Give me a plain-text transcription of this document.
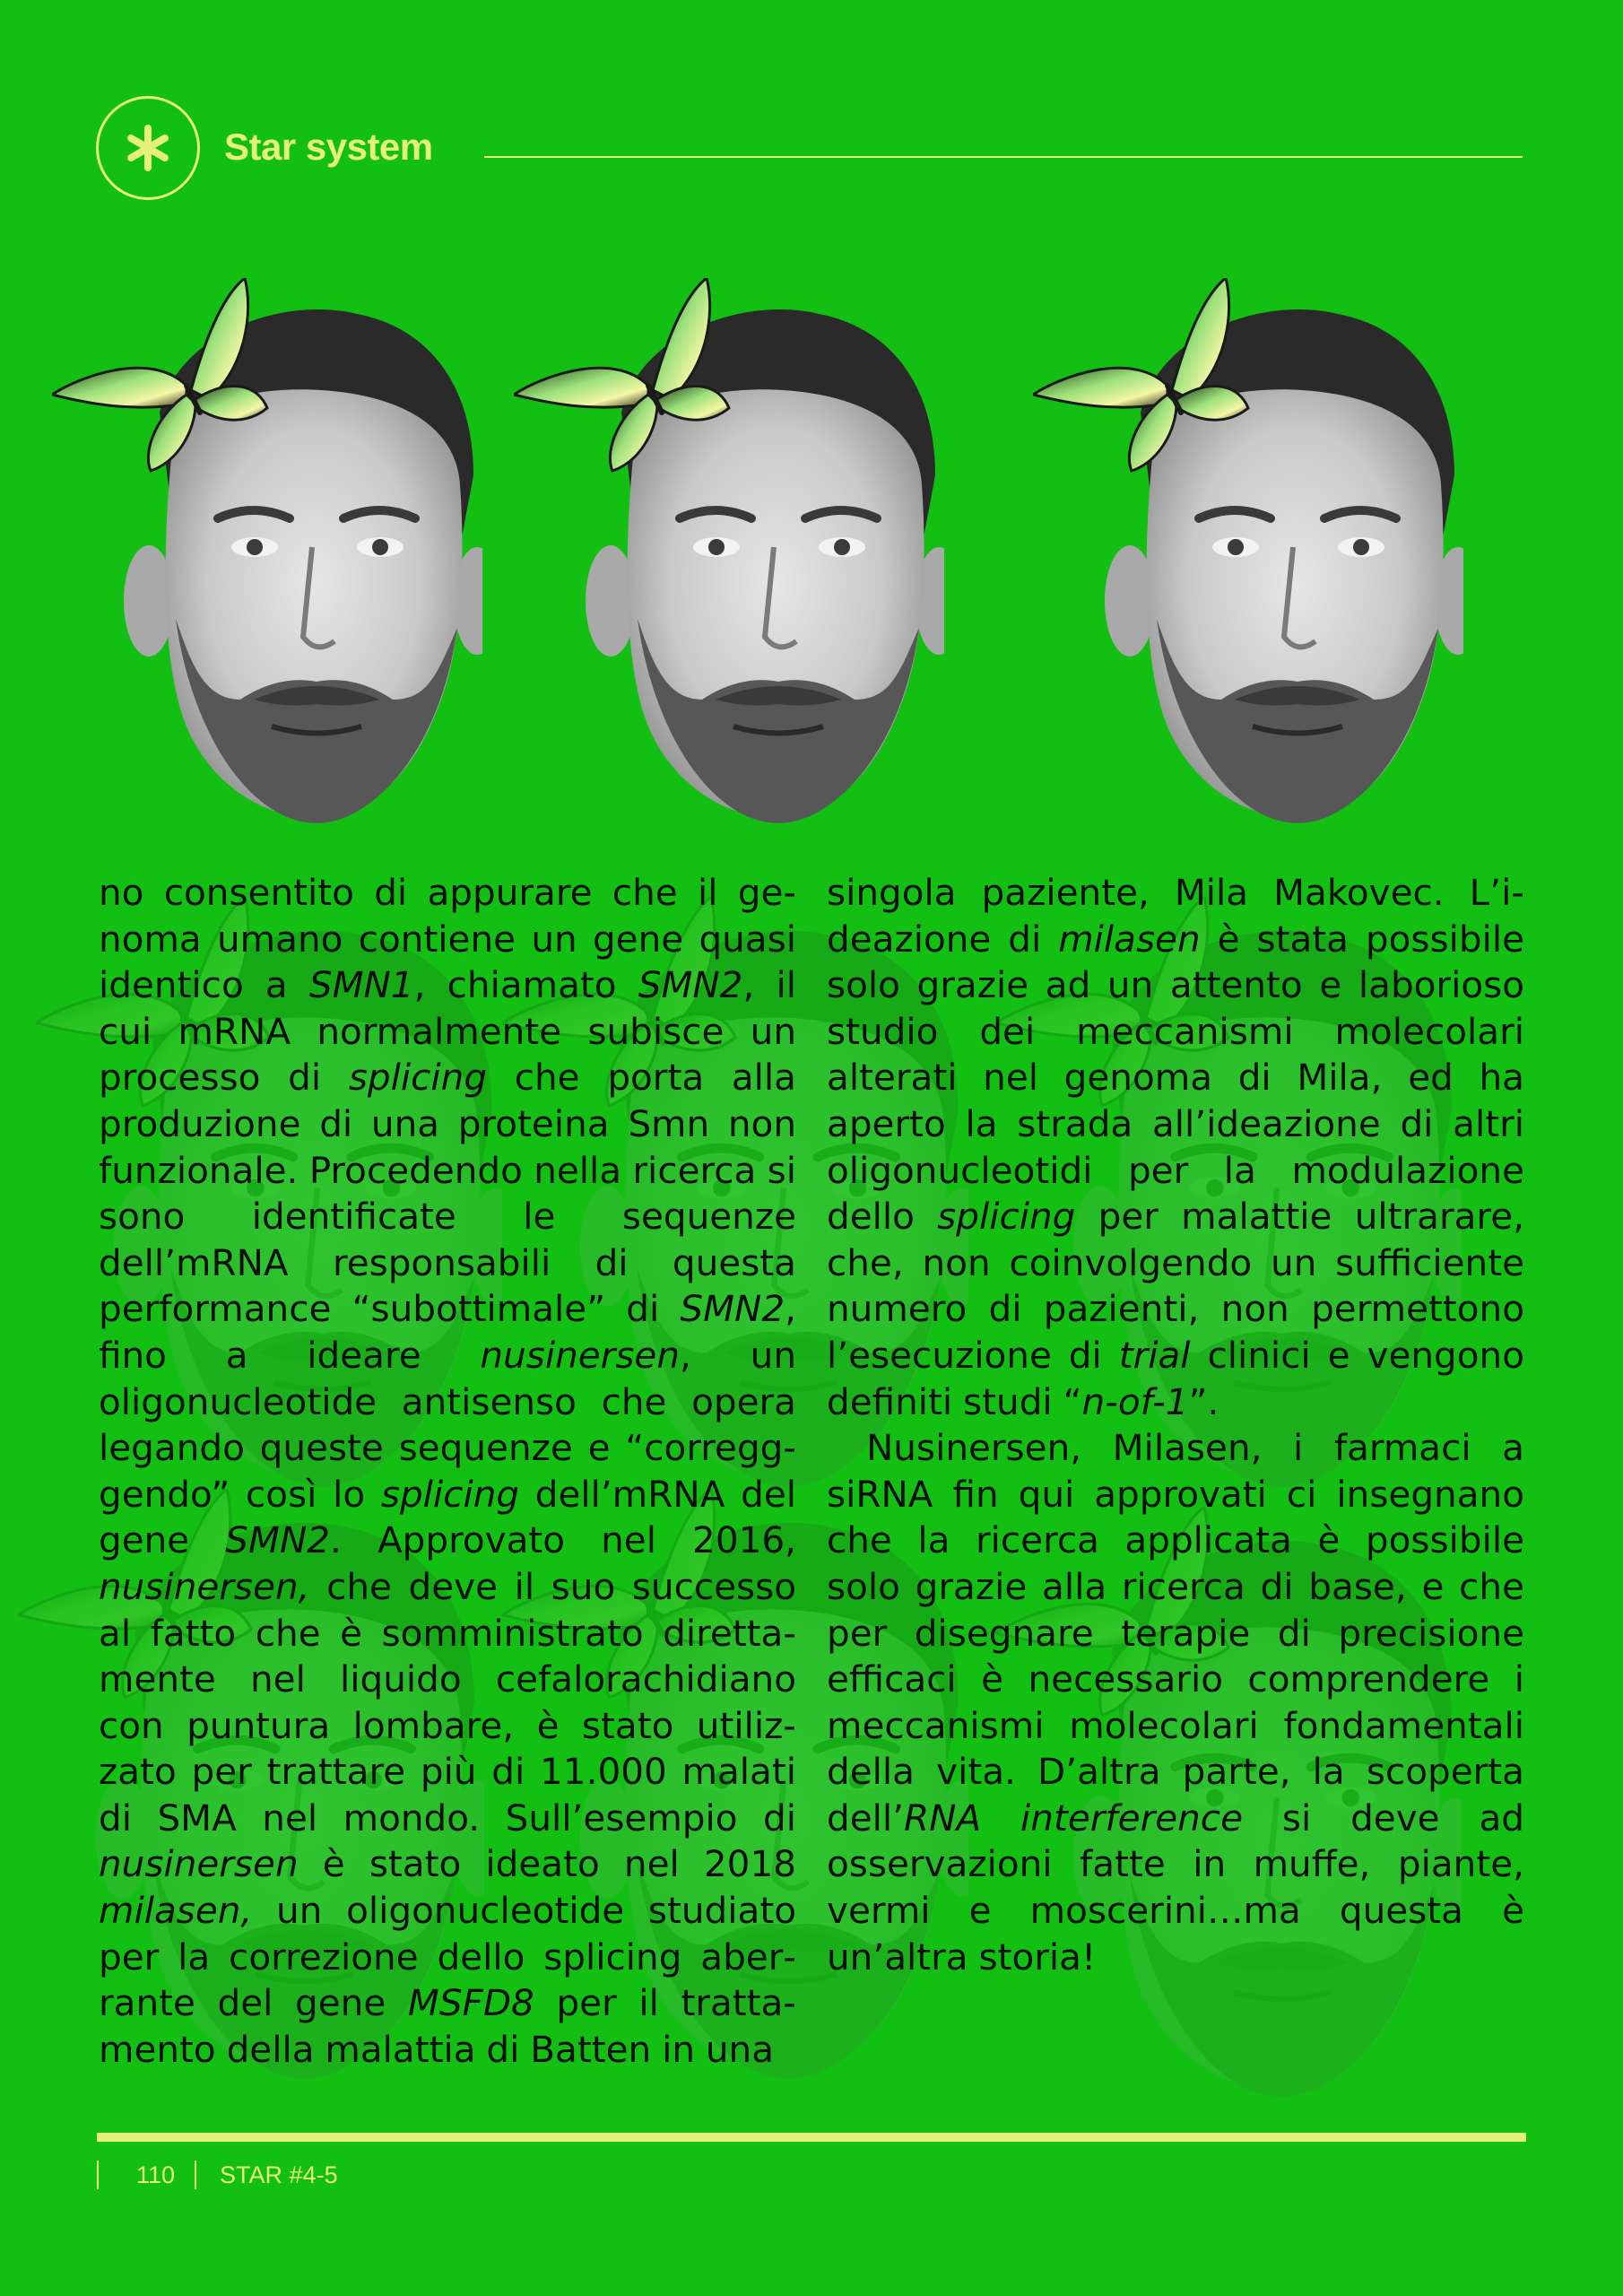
Star system

no consentito di appurare che il genoma umano contiene un gene quasi identico a SMN1, chiamato SMN2, il cui mRNA normalmente subisce un processo di splicing che porta alla produzione di una proteina Smn non funzionale. Procedendo nella ricerca si sono identificate le sequenze dell’mRNA responsabili di questa performance “subottimale” di SMN2, fino a ideare nusinersen, un oligonucleotide antisenso che opera legando queste sequenze e “corregggendo” così lo splicing dell’mRNA del gene SMN2. Approvato nel 2016, nusinersen, che deve il suo successo al fatto che è somministrato direttamente nel liquido cefalorachidiano con puntura lombare, è stato utilizzato per trattare più di 11.000 malati di SMA nel mondo. Sull’esempio di nusinersen è stato ideato nel 2018 milasen, un oligonucleotide studiato per la correzione dello splicing aberrante del gene MSFD8 per il trattamento della malattia di Batten in una

singola paziente, Mila Makovec. L’ideazione di milasen è stata possibile solo grazie ad un attento e laborioso studio dei meccanismi molecolari alterati nel genoma di Mila, ed ha aperto la strada all’ideazione di altri oligonucleotidi per la modulazione dello splicing per malattie ultrarare, che, non coinvolgendo un sufficiente numero di pazienti, non permettono l’esecuzione di trial clinici e vengono definiti studi “n-of-1”.

Nusinersen, Milasen, i farmaci a siRNA fin qui approvati ci insegnano che la ricerca applicata è possibile solo grazie alla ricerca di base, e che per disegnare terapie di precisione efficaci è necessario comprendere i meccanismi molecolari fondamentali della vita. D’altra parte, la scoperta dell’RNA interference si deve ad osservazioni fatte in muffe, piante, vermi e moscerini…ma questa è un’altra storia!

110 STAR #4-5
